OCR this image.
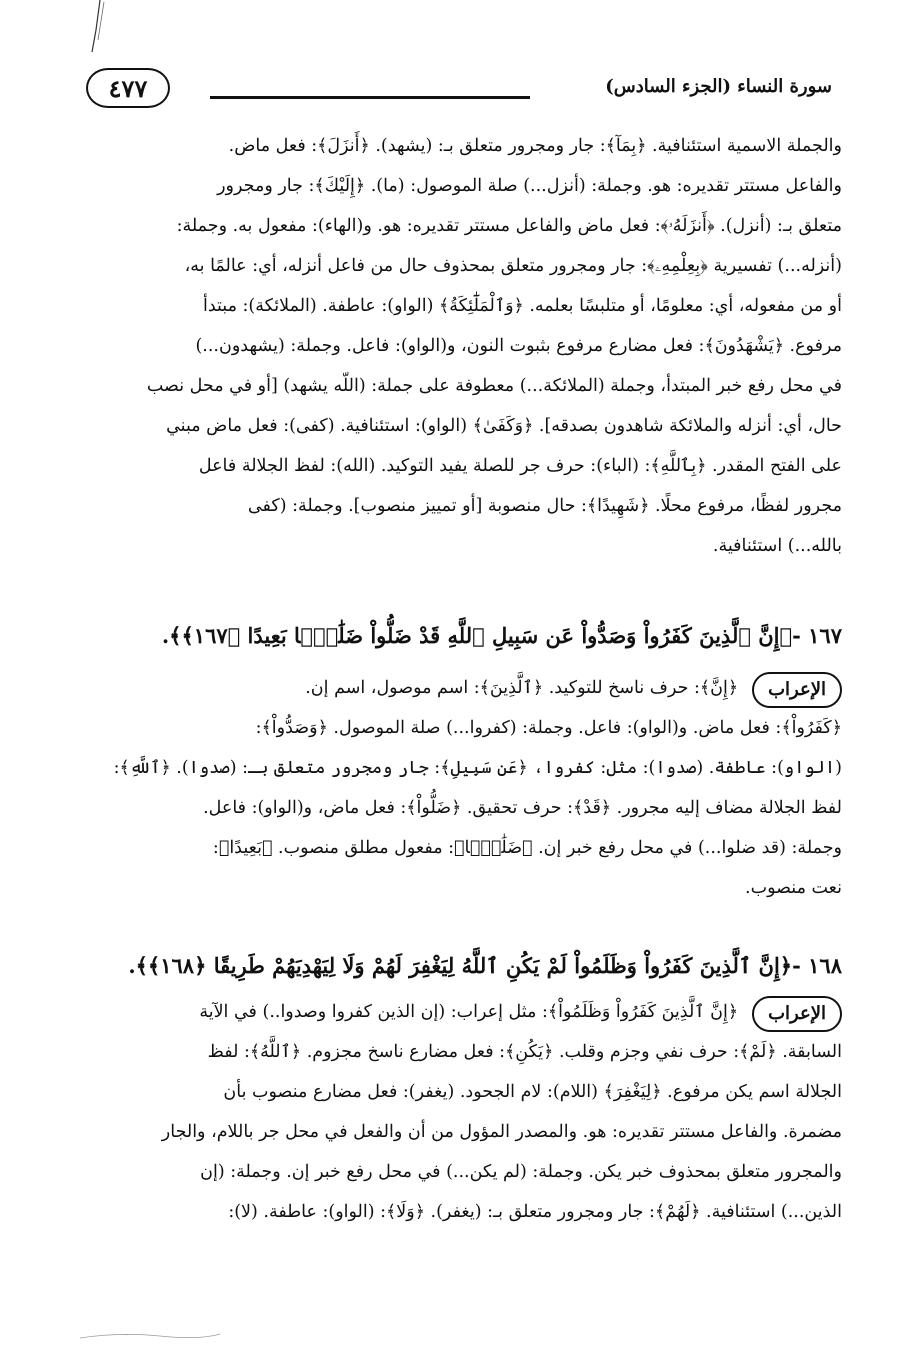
٤٧٧	سورة النساء (الجزء السادس)
والجملة الاسمية استئنافية. ﴿بِمَآ﴾: جار ومجرور متعلق بـ: (يشهد). ﴿أَنزَلَ﴾: فعل ماض.
والفاعل مستتر تقديره: هو. وجملة: (أنزل...) صلة الموصول: (ما). ﴿إِلَيْكَ﴾: جار ومجرور
متعلق بـ: (أنزل). ﴿أَنزَلَهُۥ﴾: فعل ماض والفاعل مستتر تقديره: هو. و(الهاء): مفعول به. وجملة:
(أنزله...) تفسيرية ﴿بِعِلْمِهِۦ﴾: جار ومجرور متعلق بمحذوف حال من فاعل أنزله، أي: عالمًا به،
أو من مفعوله، أي: معلومًا، أو متلبسًا بعلمه. ﴿وَٱلْمَلَٰٓئِكَةُ﴾ (الواو): عاطفة. (الملائكة): مبتدأ
مرفوع. ﴿يَشْهَدُونَ﴾: فعل مضارع مرفوع بثبوت النون، و(الواو): فاعل. وجملة: (يشهدون...)
في محل رفع خبر المبتدأ، وجملة (الملائكة...) معطوفة على جملة: (اللّه يشهد) [أو في محل نصب
حال، أي: أنزله والملائكة شاهدون بصدقه]. ﴿وَكَفَىٰ﴾ (الواو): استئنافية. (كفى): فعل ماض مبني
على الفتح المقدر. ﴿بِٱللَّهِ﴾: (الباء): حرف جر للصلة يفيد التوكيد. (الله): لفظ الجلالة فاعل
مجرور لفظًا، مرفوع محلًا. ﴿شَهِيدًا﴾: حال منصوبة [أو تمييز منصوب]. وجملة: (كفى
بالله...) استئنافية.
١٦٧ -﴿إِنَّ ٱلَّذِينَ كَفَرُواْ وَصَدُّواْ عَن سَبِيلِ ٱللَّهِ قَدْ ضَلُّواْ ضَلَٰلًۢا بَعِيدًا ﴿١٦٧﴾﴾.
الإعراب
﴿إِنَّ﴾: حرف ناسخ للتوكيد. ﴿ٱلَّذِينَ﴾: اسم موصول، اسم إن.
﴿كَفَرُواْ﴾: فعل ماض. و(الواو): فاعل. وجملة: (كفروا...) صلة الموصول. ﴿وَصَدُّواْ﴾:
(الواو): عاطفة. (صدوا): مثل: كفروا، ﴿عَن سَبِيلِ﴾: جار ومجرور متعلق بـ: (صدوا). ﴿ٱللَّهِ﴾:
لفظ الجلالة مضاف إليه مجرور. ﴿قَدْ﴾: حرف تحقيق. ﴿ضَلُّواْ﴾: فعل ماض، و(الواو): فاعل.
وجملة: (قد ضلوا...) في محل رفع خبر إن. ﴿ضَلَٰلًۢا﴾: مفعول مطلق منصوب. ﴿بَعِيدًا﴾:
نعت منصوب.
١٦٨ -﴿إِنَّ ٱلَّذِينَ كَفَرُواْ وَظَلَمُواْ لَمْ يَكُنِ ٱللَّهُ لِيَغْفِرَ لَهُمْ وَلَا لِيَهْدِيَهُمْ طَرِيقًا ﴿١٦٨﴾﴾.
الإعراب
﴿إِنَّ ٱلَّذِينَ كَفَرُواْ وَظَلَمُواْ﴾: مثل إعراب: (إن الذين كفروا وصدوا..) في الآية
السابقة. ﴿لَمْ﴾: حرف نفي وجزم وقلب. ﴿يَكُنِ﴾: فعل مضارع ناسخ مجزوم. ﴿ٱللَّهُ﴾: لفظ
الجلالة اسم يكن مرفوع. ﴿لِيَغْفِرَ﴾ (اللام): لام الجحود. (يغفر): فعل مضارع منصوب بأن
مضمرة. والفاعل مستتر تقديره: هو. والمصدر المؤول من أن والفعل في محل جر باللام، والجار
والمجرور متعلق بمحذوف خبر يكن. وجملة: (لم يكن...) في محل رفع خبر إن. وجملة: (إن
الذين...) استئنافية. ﴿لَهُمْ﴾: جار ومجرور متعلق بـ: (يغفر). ﴿وَلَا﴾: (الواو): عاطفة. (لا):
